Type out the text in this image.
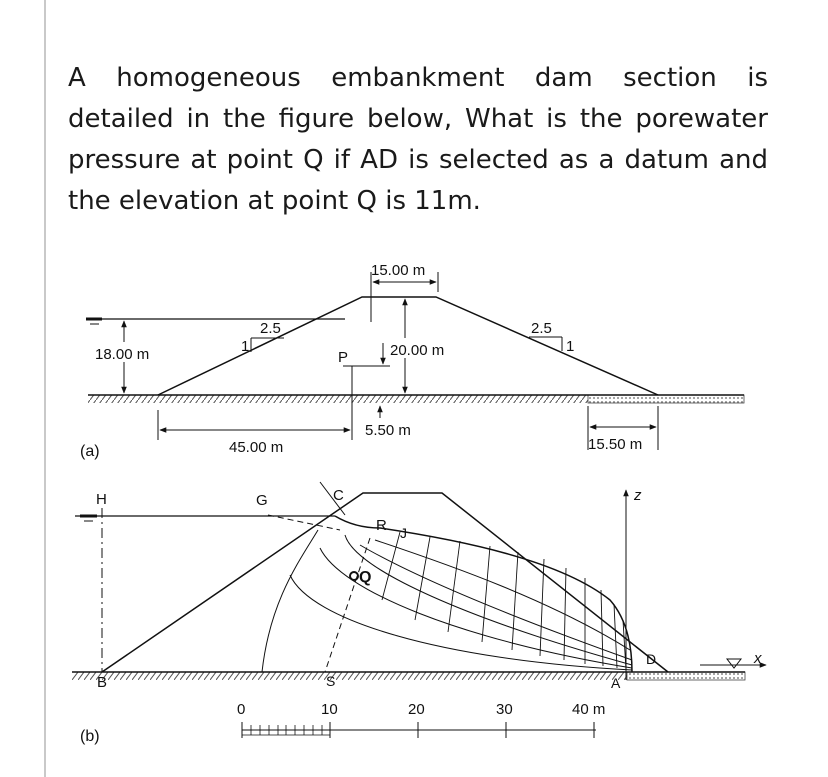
A homogeneous embankment dam section is detailed in the figure below, What is the porewater pressure at point Q if AD is selected as a datum and the elevation at point Q is 11m.

18.00 m
15.00 m
20.00 m
P
2.5
1
2.5
1
45.00 m
5.50 m
15.50 m
(a)
z
x
H	G	C
R J
Q
B	S	A
D
0	10	20	30	40 m
(b)
